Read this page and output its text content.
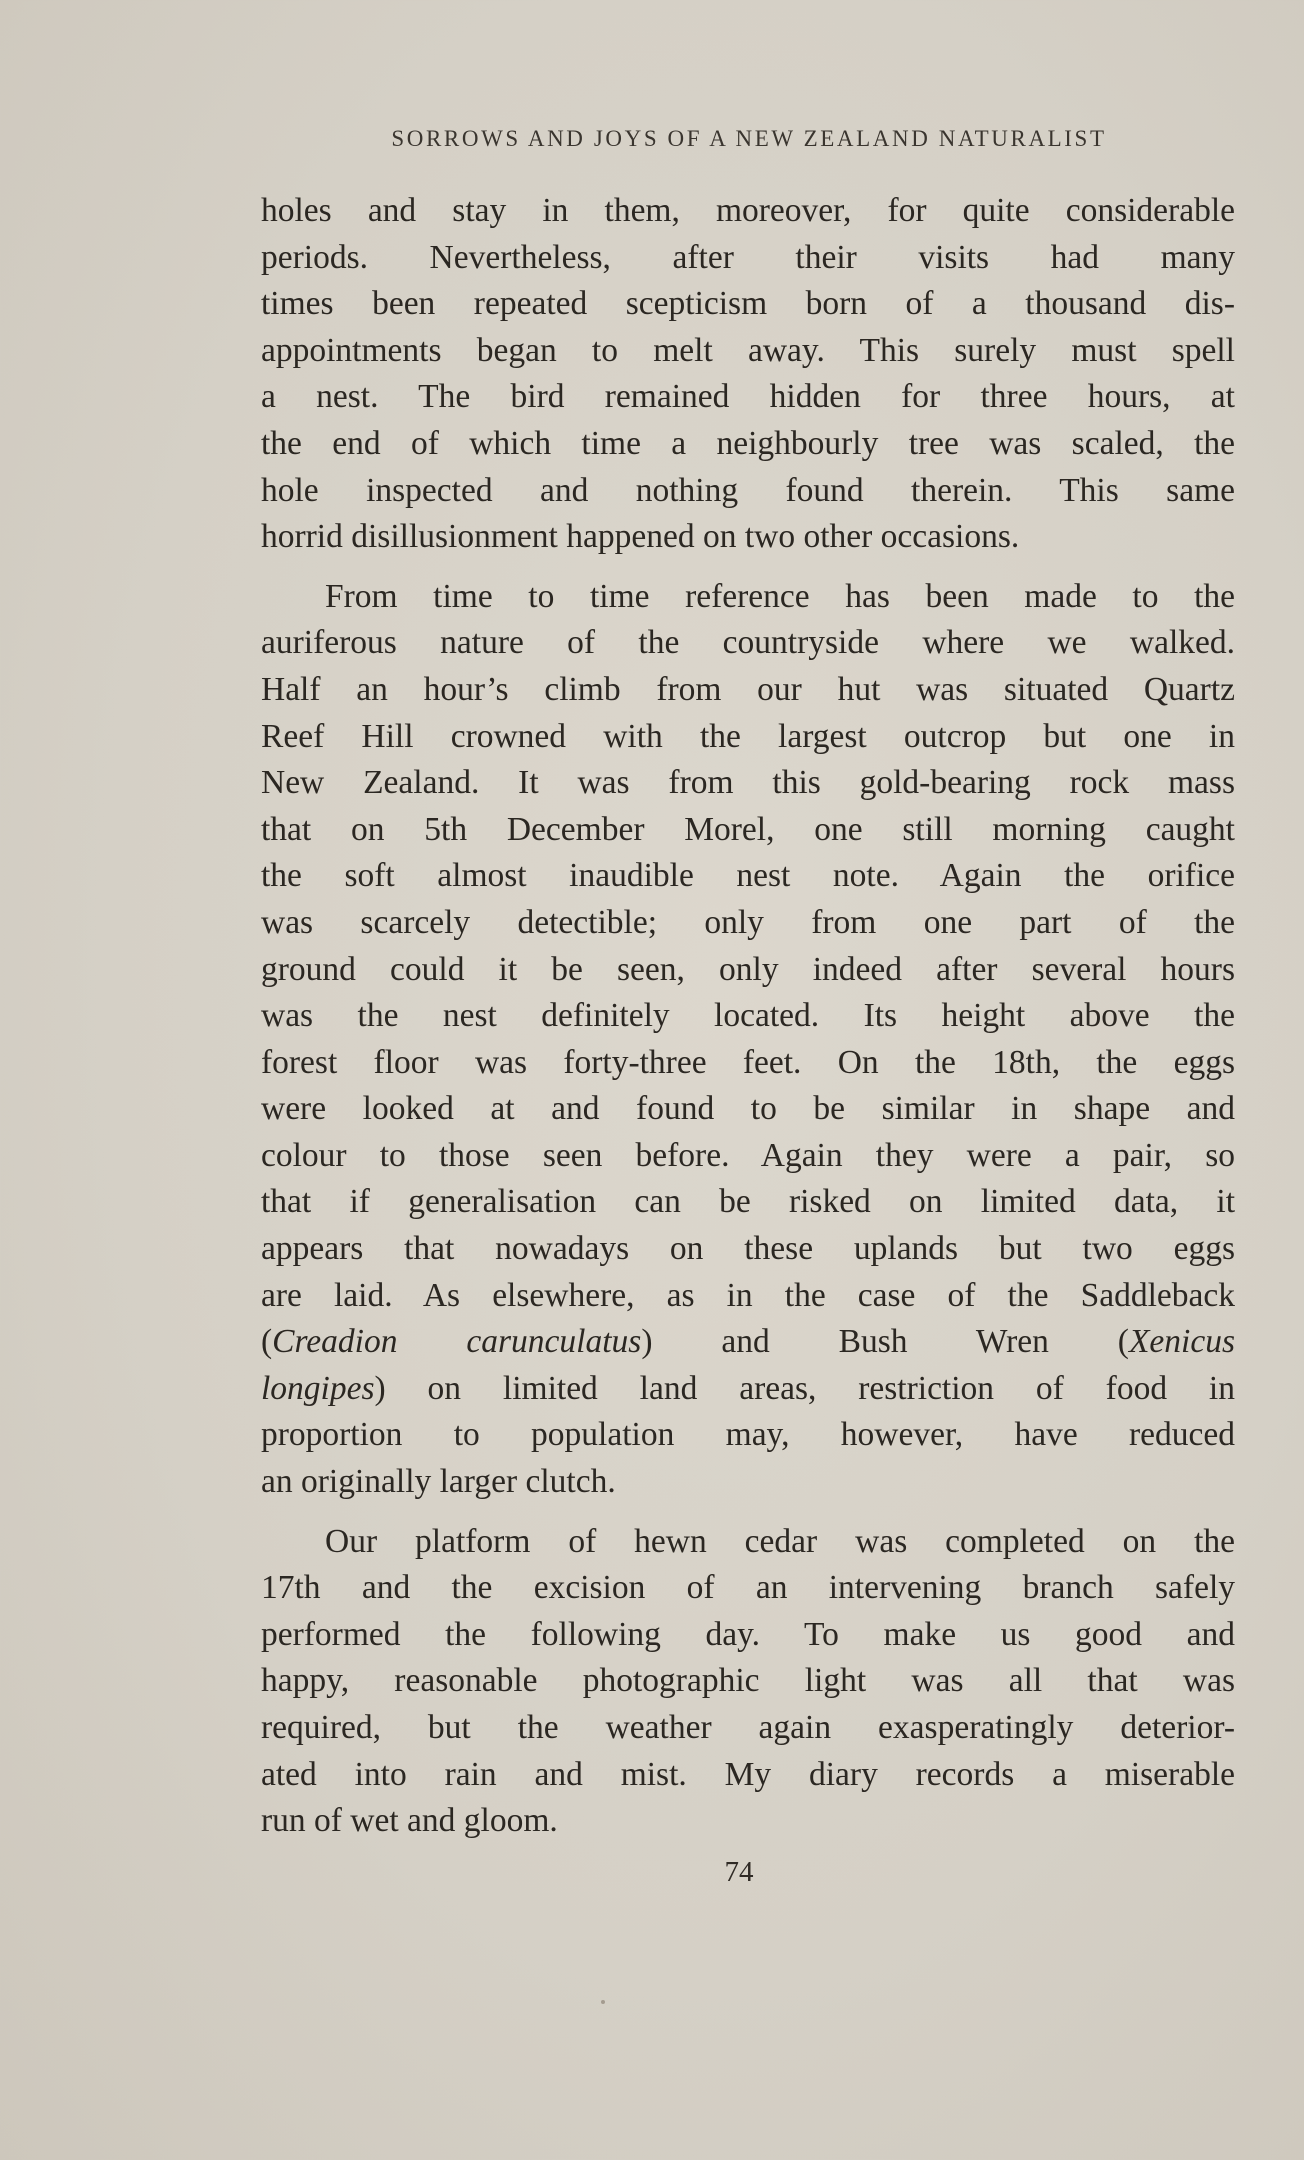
SORROWS AND JOYS OF A NEW ZEALAND NATURALIST

holes and stay in them, moreover, for quite considerable
periods. Nevertheless, after their visits had many
times been repeated scepticism born of a thousand dis-
appointments began to melt away. This surely must spell
a nest. The bird remained hidden for three hours, at
the end of which time a neighbourly tree was scaled, the
hole inspected and nothing found therein. This same
horrid disillusionment happened on two other occasions.

From time to time reference has been made to the
auriferous nature of the countryside where we walked.
Half an hour’s climb from our hut was situated Quartz
Reef Hill crowned with the largest outcrop but one in
New Zealand. It was from this gold-bearing rock mass
that on 5th December Morel, one still morning caught
the soft almost inaudible nest note. Again the orifice
was scarcely detectible; only from one part of the
ground could it be seen, only indeed after several hours
was the nest definitely located. Its height above the
forest floor was forty-three feet. On the 18th, the eggs
were looked at and found to be similar in shape and
colour to those seen before. Again they were a pair, so
that if generalisation can be risked on limited data, it
appears that nowadays on these uplands but two eggs
are laid. As elsewhere, as in the case of the Saddleback
(Creadion carunculatus) and Bush Wren (Xenicus
longipes) on limited land areas, restriction of food in
proportion to population may, however, have reduced
an originally larger clutch.

Our platform of hewn cedar was completed on the
17th and the excision of an intervening branch safely
performed the following day. To make us good and
happy, reasonable photographic light was all that was
required, but the weather again exasperatingly deterior-
ated into rain and mist. My diary records a miserable
run of wet and gloom.

74
